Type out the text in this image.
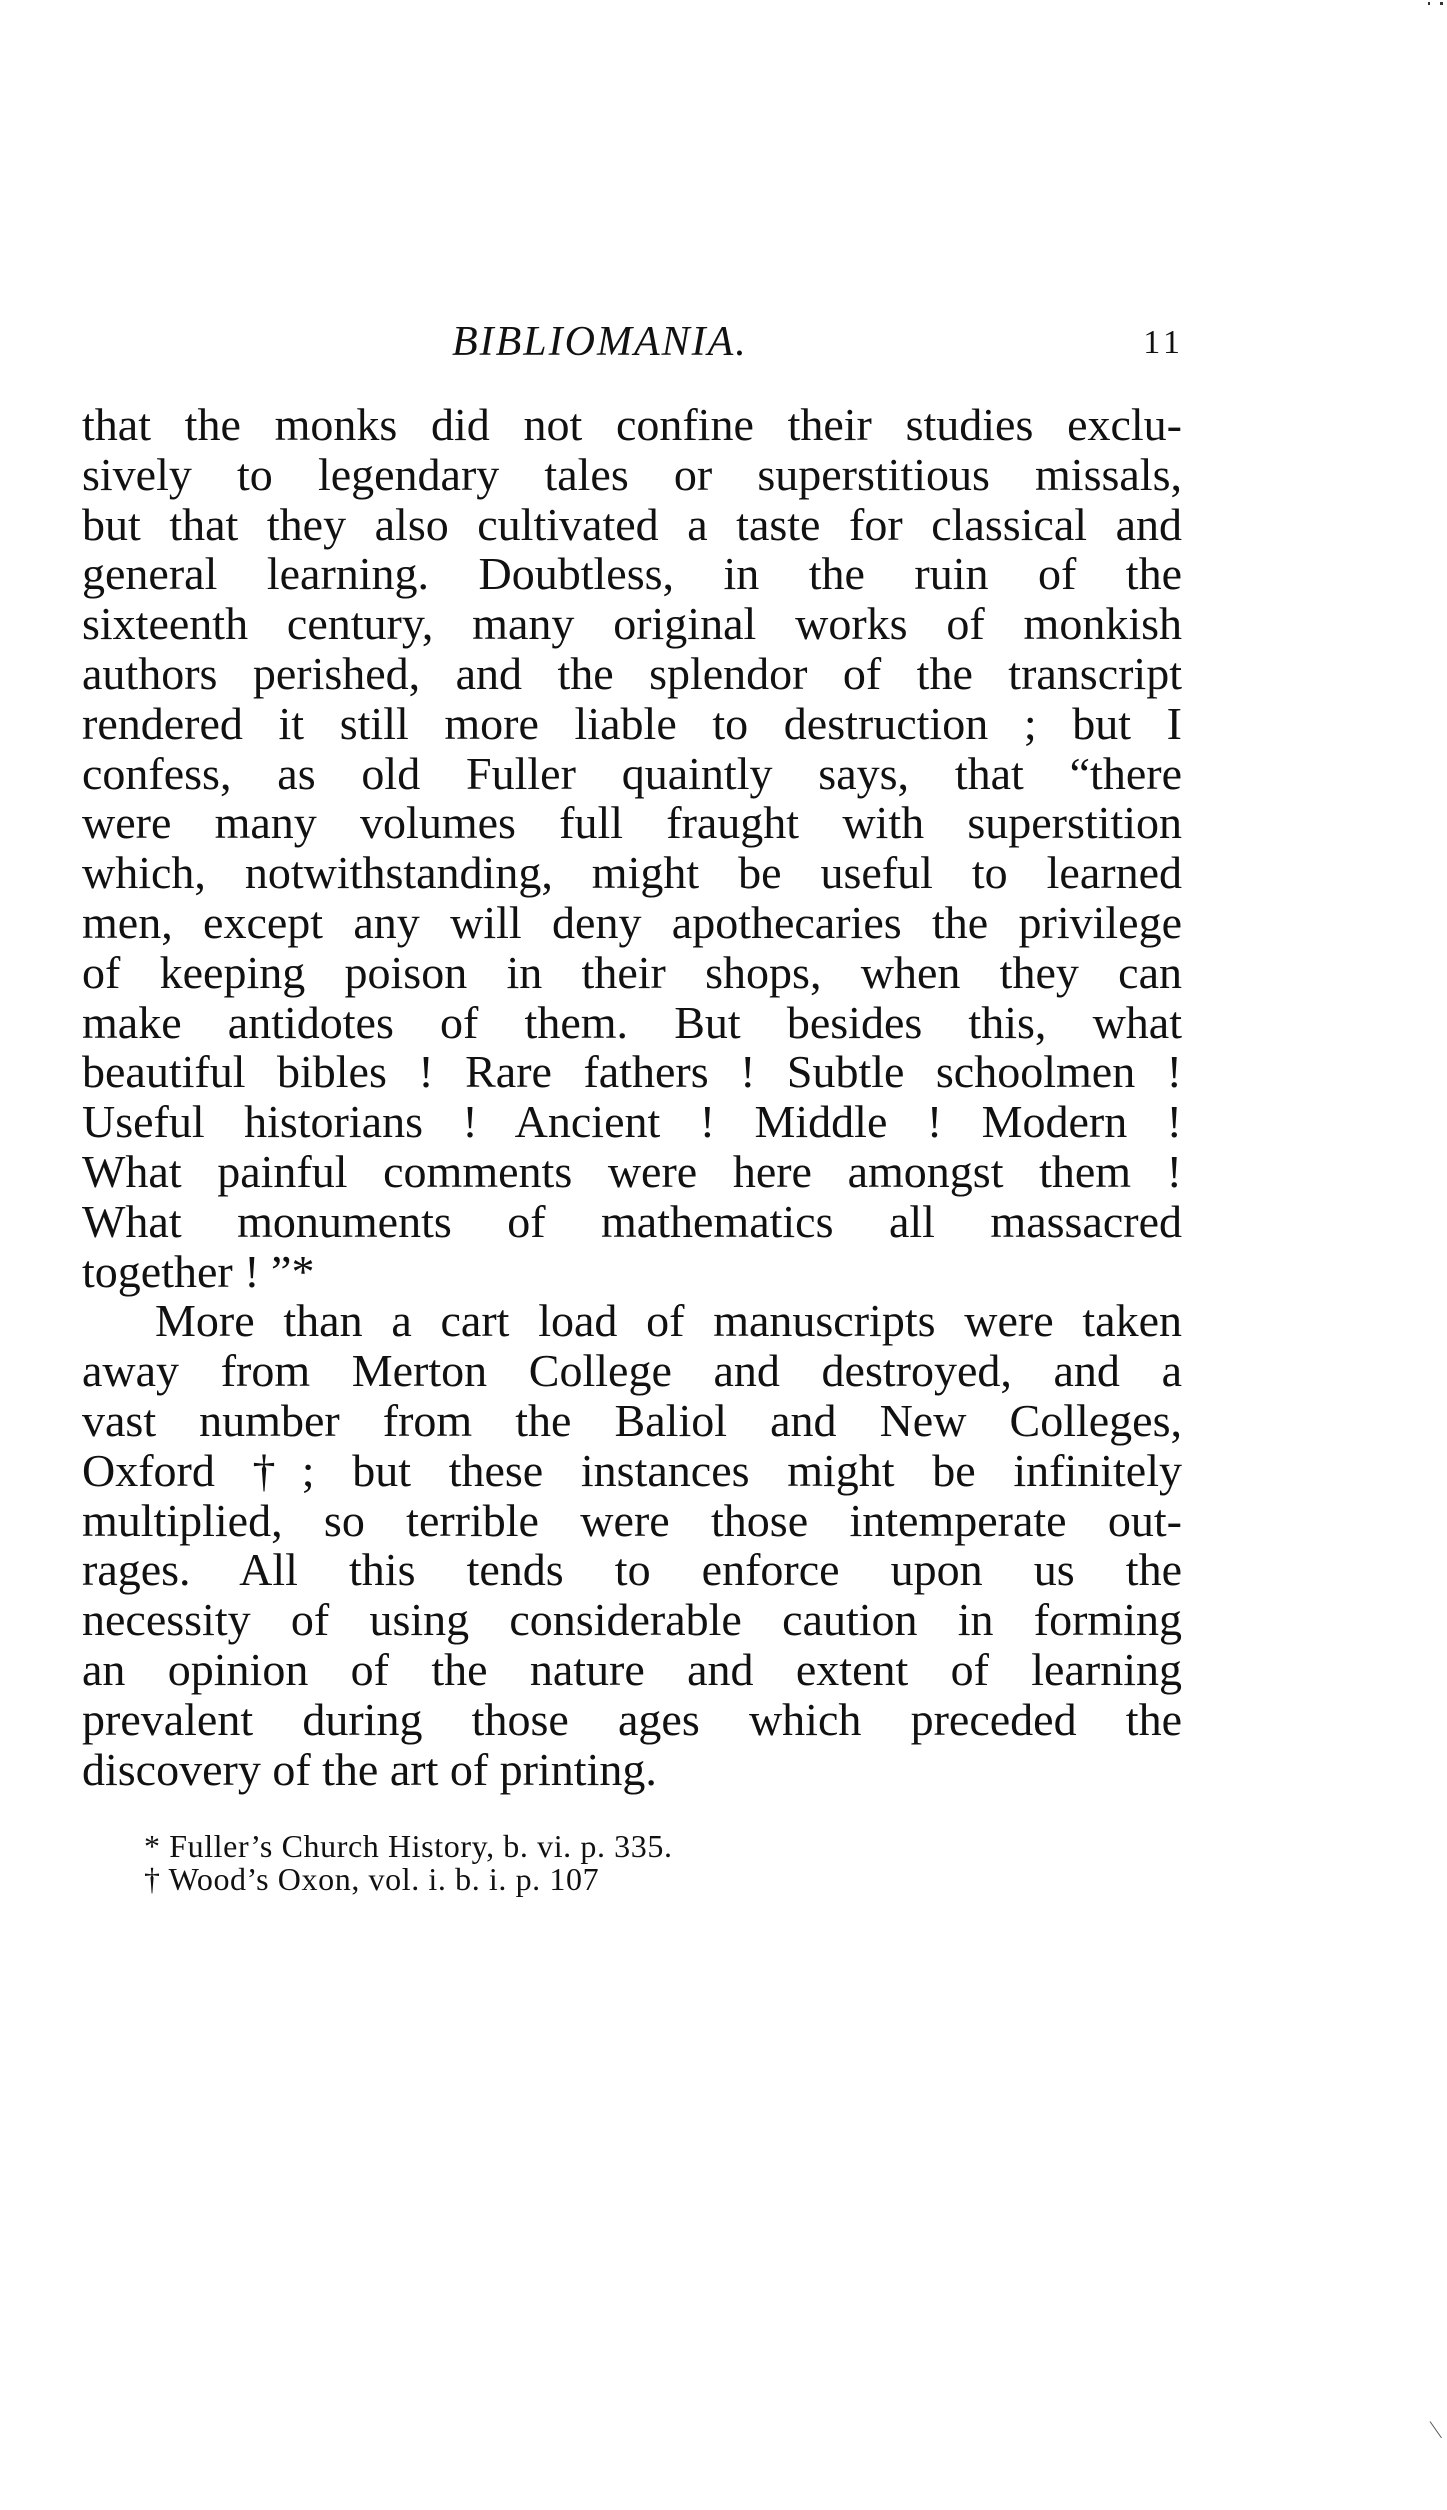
BIBLIOMANIA.	11
that the monks did not confine their studies exclu-
sively to legendary tales or superstitious missals,
but that they also cultivated a taste for classical and
general learning. Doubtless, in the ruin of the
sixteenth century, many original works of monkish
authors perished, and the splendor of the transcript
rendered it still more liable to destruction ; but I
confess, as old Fuller quaintly says, that “there
were many volumes full fraught with superstition
which, notwithstanding, might be useful to learned
men, except any will deny apothecaries the privilege
of keeping poison in their shops, when they can
make antidotes of them. But besides this, what
beautiful bibles ! Rare fathers ! Subtle schoolmen !
Useful historians ! Ancient ! Middle ! Modern !
What painful comments were here amongst them !
What monuments of mathematics all massacred
together ! ”*
More than a cart load of manuscripts were taken
away from Merton College and destroyed, and a
vast number from the Baliol and New Colleges,
Oxford †; but these instances might be infinitely
multiplied, so terrible were those intemperate out-
rages. All this tends to enforce upon us the
necessity of using considerable caution in forming
an opinion of the nature and extent of learning
prevalent during those ages which preceded the
discovery of the art of printing.
* Fuller’s Church History, b. vi. p. 335.
† Wood’s Oxon, vol. i. b. i. p. 107
